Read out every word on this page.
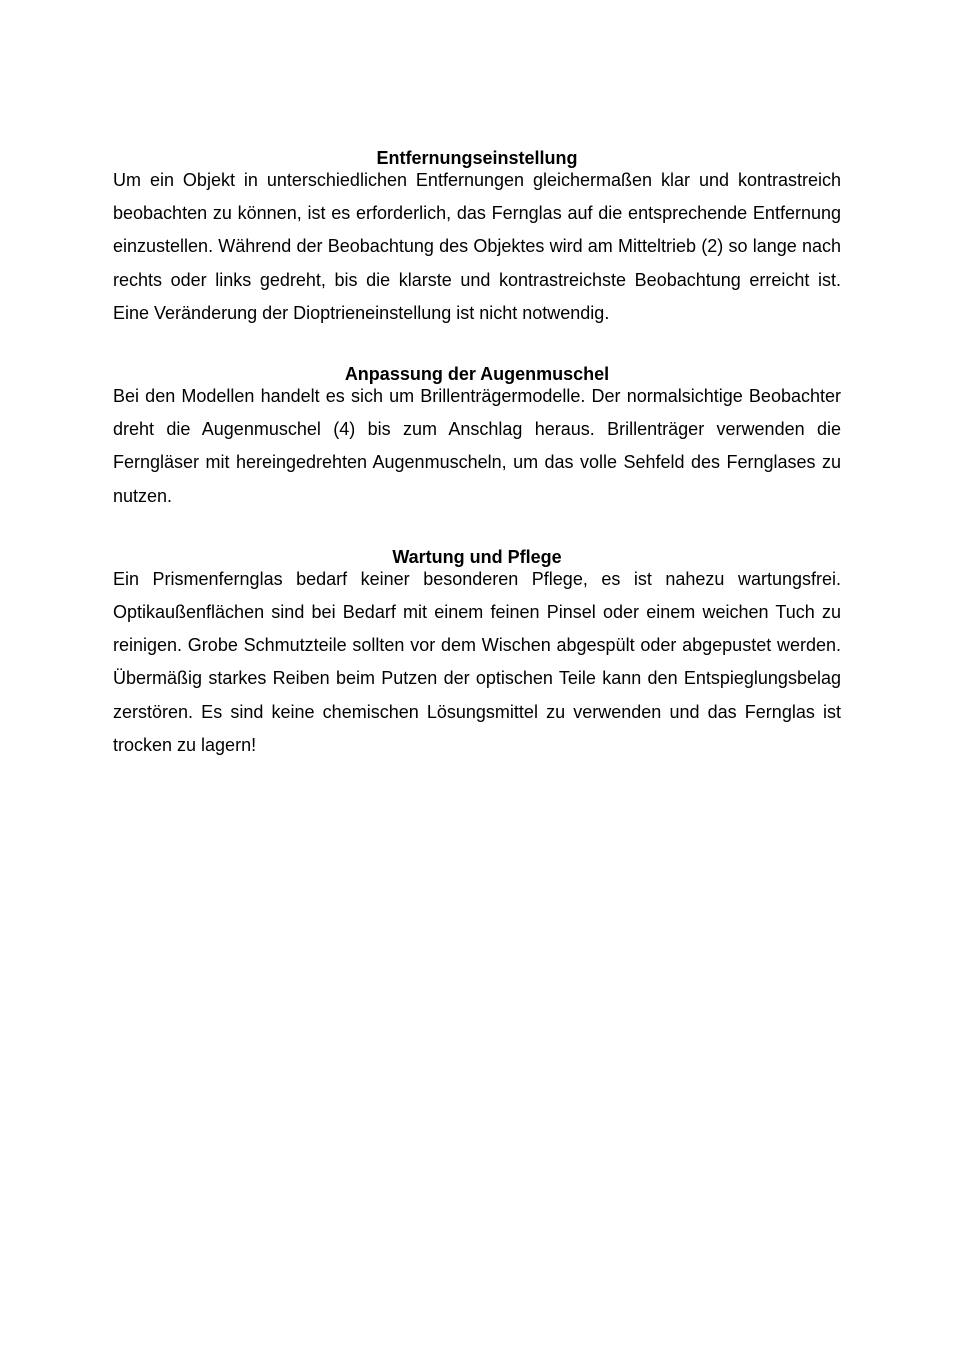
Entfernungseinstellung

Um ein Objekt in unterschiedlichen Entfernungen gleichermaßen klar und kontrastreich beobachten zu können, ist es erforderlich, das Fernglas auf die entsprechende Entfernung einzustellen. Während der Beobachtung des Objektes wird am Mitteltrieb (2) so lange nach rechts oder links gedreht, bis die klarste und kontrastreichste Beobachtung erreicht ist. Eine Veränderung der Dioptrieneinstellung ist nicht notwendig.

Anpassung der Augenmuschel

Bei den Modellen handelt es sich um Brillenträgermodelle. Der normalsichtige Beobachter dreht die Augenmuschel (4) bis zum Anschlag heraus. Brillenträger verwenden die Ferngläser mit hereingedrehten Augenmuscheln, um das volle Sehfeld des Fernglases zu nutzen.

Wartung und Pflege

Ein Prismenfernglas bedarf keiner besonderen Pflege, es ist nahezu wartungsfrei. Optikaußenflächen sind bei Bedarf mit einem feinen Pinsel oder einem weichen Tuch zu reinigen. Grobe Schmutzteile sollten vor dem Wischen abgespült oder abgepustet werden. Übermäßig starkes Reiben beim Putzen der optischen Teile kann den Entspieglungsbelag zerstören. Es sind keine chemischen Lösungsmittel zu verwenden und das Fernglas ist trocken zu lagern!
